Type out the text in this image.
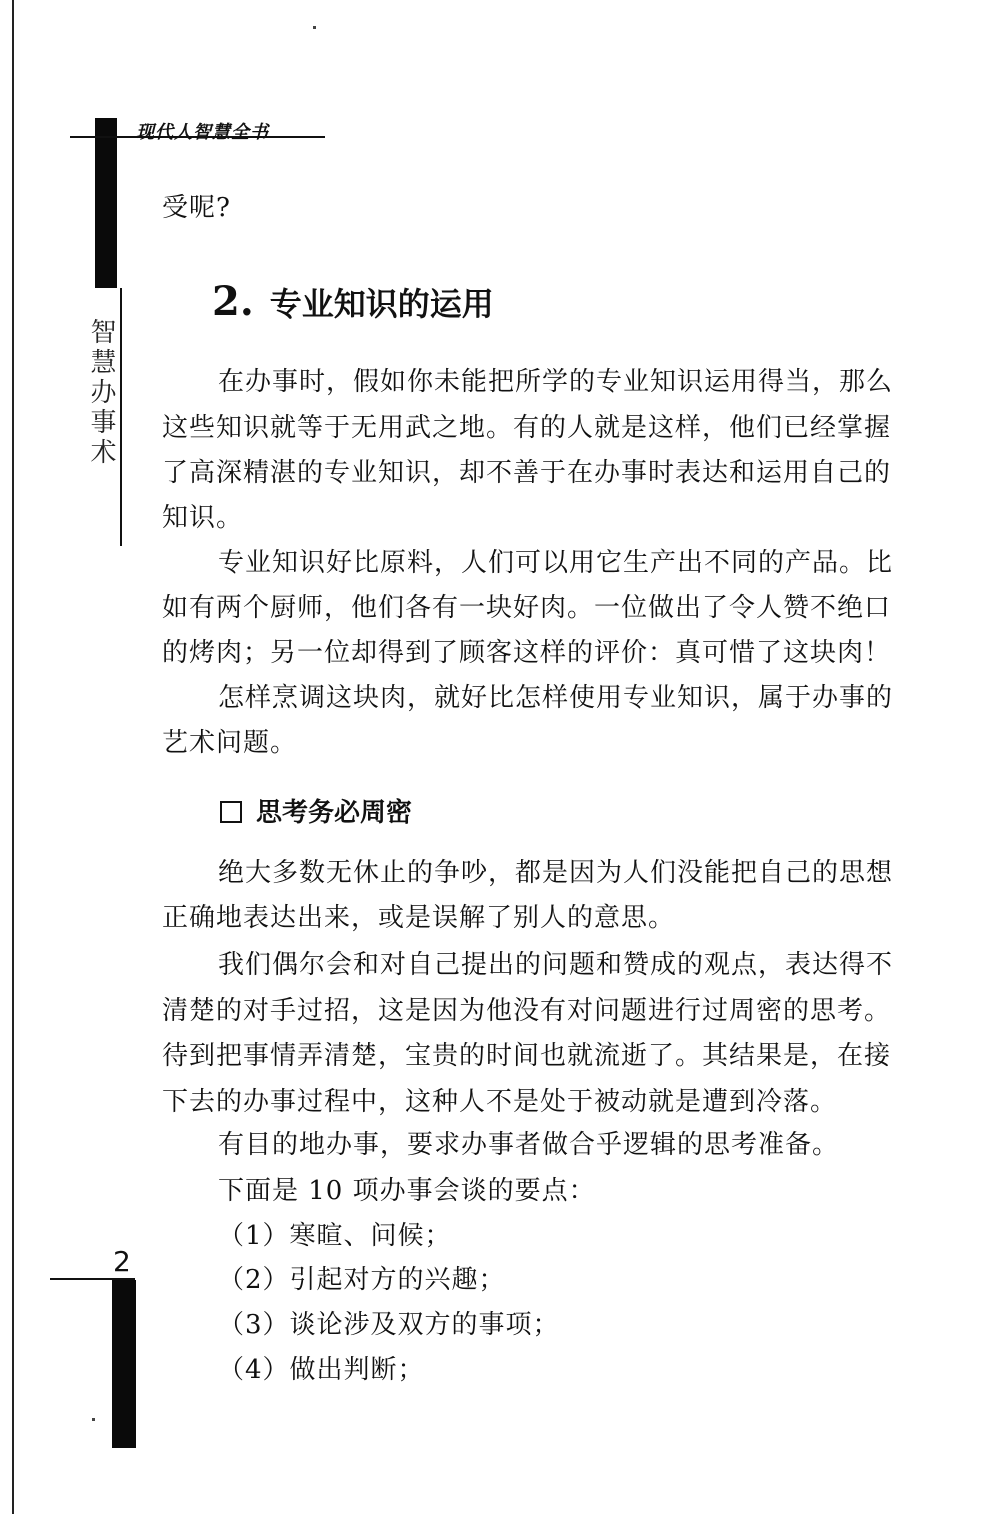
现代人智慧全书
智慧办事术
受呢?
2. 专业知识的运用
在办事时，假如你未能把所学的专业知识运用得当，那么
这些知识就等于无用武之地。有的人就是这样，他们已经掌握
了高深精湛的专业知识，却不善于在办事时表达和运用自己的
知识。
专业知识好比原料，人们可以用它生产出不同的产品。比
如有两个厨师，他们各有一块好肉。一位做出了令人赞不绝口
的烤肉；另一位却得到了顾客这样的评价：真可惜了这块肉！
怎样烹调这块肉，就好比怎样使用专业知识，属于办事的
艺术问题。
思考务必周密
绝大多数无休止的争吵，都是因为人们没能把自己的思想
正确地表达出来，或是误解了别人的意思。
我们偶尔会和对自己提出的问题和赞成的观点，表达得不
清楚的对手过招，这是因为他没有对问题进行过周密的思考。
待到把事情弄清楚，宝贵的时间也就流逝了。其结果是，在接
下去的办事过程中，这种人不是处于被动就是遭到冷落。
有目的地办事，要求办事者做合乎逻辑的思考准备。
下面是 10 项办事会谈的要点：
（1）寒暄、问候；
（2）引起对方的兴趣；
（3）谈论涉及双方的事项；
（4）做出判断；
2
